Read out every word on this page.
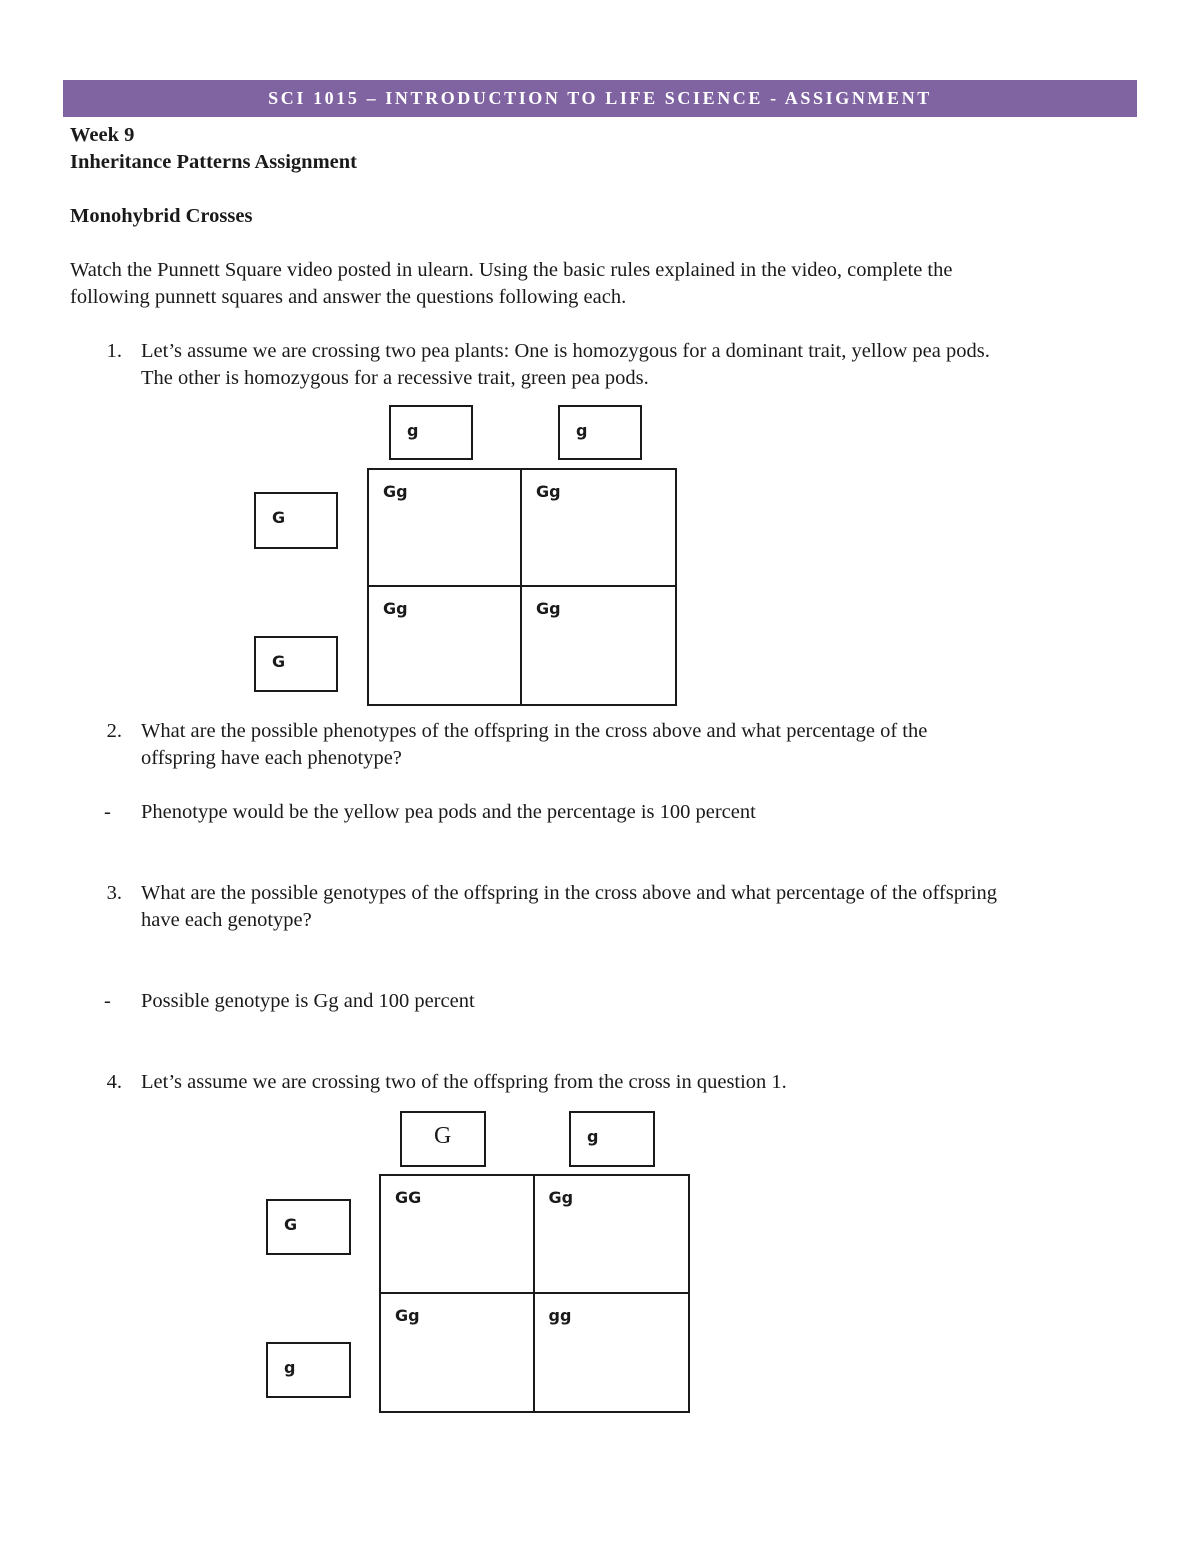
SCI 1015 – INTRODUCTION TO LIFE SCIENCE - ASSIGNMENT
Week 9
Inheritance Patterns Assignment
Monohybrid Crosses
Watch the Punnett Square video posted in ulearn. Using the basic rules explained in the video, complete the
following punnett squares and answer the questions following each.
1. Let’s assume we are crossing two pea plants: One is homozygous for a dominant trait, yellow pea pods.
The other is homozygous for a recessive trait, green pea pods.
g	g
G
G
Gg	Gg
Gg	Gg
2. What are the possible phenotypes of the offspring in the cross above and what percentage of the
offspring have each phenotype?
- Phenotype would be the yellow pea pods and the percentage is 100 percent
3. What are the possible genotypes of the offspring in the cross above and what percentage of the offspring
have each genotype?
- Possible genotype is Gg and 100 percent
4. Let’s assume we are crossing two of the offspring from the cross in question 1.
G	g
G
g
GG	Gg
Gg	gg
